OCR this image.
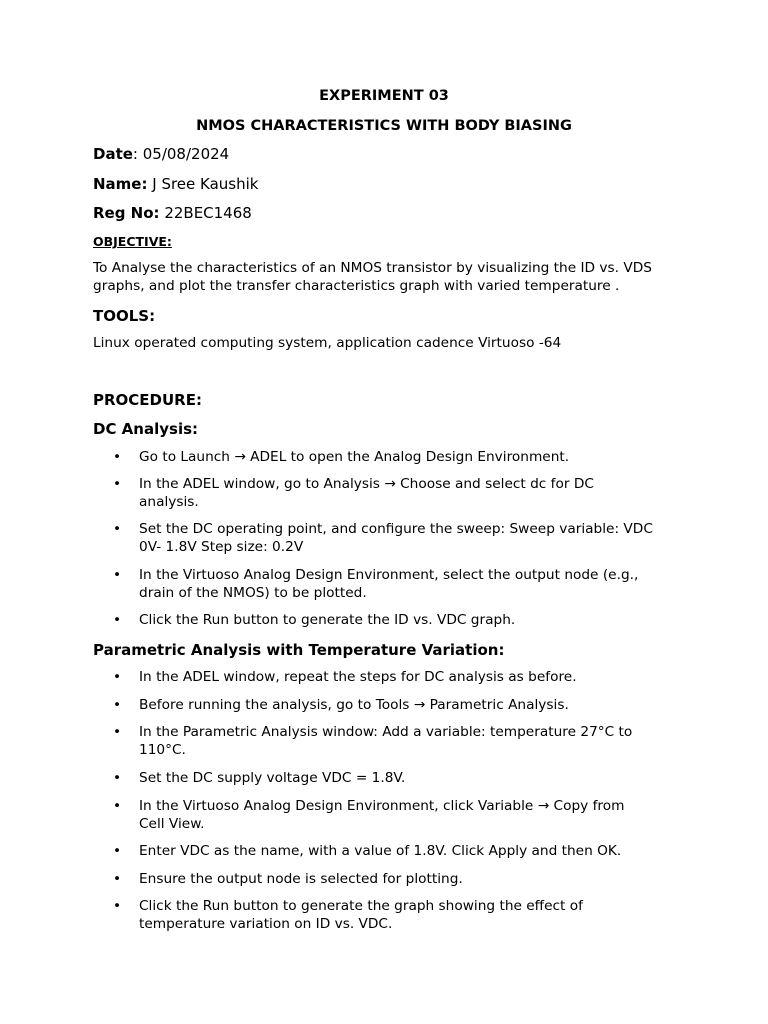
EXPERIMENT 03
NMOS CHARACTERISTICS WITH BODY BIASING
Date: 05/08/2024
Name: J Sree Kaushik
Reg No: 22BEC1468
OBJECTIVE:
To Analyse the characteristics of an NMOS transistor by visualizing the ID vs. VDS
graphs, and plot the transfer characteristics graph with varied temperature .
TOOLS:
Linux operated computing system, application cadence Virtuoso -64
PROCEDURE:
DC Analysis:
• Go to Launch → ADEL to open the Analog Design Environment.
• In the ADEL window, go to Analysis → Choose and select dc for DC
analysis.
• Set the DC operating point, and configure the sweep: Sweep variable: VDC
0V- 1.8V Step size: 0.2V
• In the Virtuoso Analog Design Environment, select the output node (e.g.,
drain of the NMOS) to be plotted.
• Click the Run button to generate the ID vs. VDC graph.
Parametric Analysis with Temperature Variation:
• In the ADEL window, repeat the steps for DC analysis as before.
• Before running the analysis, go to Tools → Parametric Analysis.
• In the Parametric Analysis window: Add a variable: temperature 27°C to
110°C.
• Set the DC supply voltage VDC = 1.8V.
• In the Virtuoso Analog Design Environment, click Variable → Copy from
Cell View.
• Enter VDC as the name, with a value of 1.8V. Click Apply and then OK.
• Ensure the output node is selected for plotting.
• Click the Run button to generate the graph showing the effect of
temperature variation on ID vs. VDC.
